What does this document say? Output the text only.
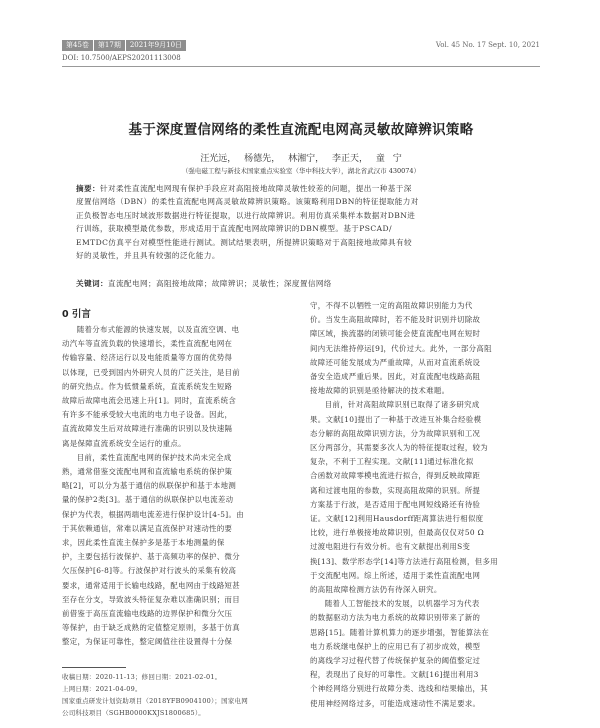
第45卷	第17期	2021年9月10日	Vol. 45 No. 17 Sept. 10, 2021
DOI: 10.7500/AEPS20201113008
基于深度置信网络的柔性直流配电网高灵敏故障辨识策略
汪光远， 杨德先， 林湘宁， 李正天， 童 宁
（强电磁工程与新技术国家重点实验室（华中科技大学），湖北省武汉市 430074）
摘要：针对柔性直流配电网现有保护手段应对高阻接地故障灵敏性较差的问题，提出一种基于深
度置信网络（DBN）的柔性直流配电网高灵敏故障辨识策略。该策略利用DBN的特征提取能力对
正负极智态电压时域波形数据进行特征提取，以进行故障辨识。利用仿真采集样本数据对DBN进
行训练，获取模型最优参数，形成适用于直流配电网故障辨识的DBN模型。基于PSCAD/
EMTDC仿真平台对模型性能进行测试。测试结果表明，所提辨识策略对于高阻接地故障具有较
好的灵敏性，并且具有较强的泛化能力。
关键词：直流配电网；高阻接地故障；故障辨识；灵敏性；深度置信网络
0 引言
随着分布式能源的快速发展，以及直流空调、电
动汽车等直流负载的快速增长，柔性直流配电网在
传输容量、经济运行以及电能质量等方面的优势得
以体现，已受到国内外研究人员的广泛关注，是目前
的研究热点。作为低惯量系统，直流系统发生短路
故障后故障电流会迅速上升[1]。同时，直流系统含
有许多不能承受较大电流的电力电子设备。因此，
直流故障发生后对故障进行准确的识别以及快速隔
离是保障直流系统安全运行的重点。
目前，柔性直流配电网的保护技术尚未完全成
熟，通常借鉴交流配电网和直流输电系统的保护策
略[2]，可以分为基于通信的纵联保护和基于本地测
量的保护2类[3]。基于通信的纵联保护以电流差动
保护为代表，根据两端电流差进行保护设计[4-5]。由
于其依赖通信，常难以满足直流保护对速动性的要
求，因此柔性直流主保护多是基于本地测量的保
护，主要包括行波保护、基于高频功率的保护、微分
欠压保护[6-8]等。行波保护对行波头的采集有较高
要求，通常适用于长输电线路，配电网由于线路短甚
至存在分支，导致波头特征复杂难以准确识别；而目
前借鉴于高压直流输电线路的边界保护和微分欠压
等保护，由于缺乏成熟的定值整定原则，多基于仿真
整定，为保证可靠性，整定阈值往往设置得十分保
守，不得不以牺牲一定的高阻故障识别能力为代
价。当发生高阻故障时，若不能及时识别并切除故
障区域，换流器的闭锁可能会使直流配电网在短时
间内无法维持停运[9]，代价过大。此外，一部分高阻
故障还可能发展成为严重故障，从而对直流系统设
备安全造成严重后果。因此，对直流配电线路高阻
接地故障的识别是亟待解决的技术难题。
目前，针对高阻故障识别已取得了诸多研究成
果。文献[10]提出了一种基于改进互补集合经验模
态分解的高阻故障识别方法，分为故障识别和工况
区分两部分，其需要多次人为的特征提取过程，较为
复杂，不利于工程实现。文献[11]通过标准化拟
合函数对故障零模电流进行拟合，得到反映故障距
离和过渡电阻的参数，实现高阻故障的识别。所提
方案基于行波，是否适用于配电网短线路还有待验
证。文献[12]利用Hausdorff距离算法进行相似度
比较，进行单极接地故障识别，但最高仅仅对50 Ω
过渡电阻进行有效分析。也有文献提出利用S变
换[13]、数学形态学[14]等方法进行高阻检测，但多用
于交流配电网。综上所述，适用于柔性直流配电网
的高阻故障检测方法仍有待深入研究。
随着人工智能技术的发展，以机器学习为代表
的数据驱动方法为电力系统的故障识别带来了新的
思路[15]。随着计算机算力的逐步增强，智能算法在
电力系统继电保护上的应用已有了初步成效，模型
的离线学习过程代替了传统保护复杂的阈值整定过
程，表现出了良好的可靠性。文献[16]提出利用3
个神经网络分别进行故障分类、选线和结果输出，其
使用神经网络过多，可能造成速动性不满足要求。
收稿日期：2020-11-13；修回日期：2021-02-01。
上网日期：2021-04-09。
国家重点研发计划资助项目（2018YFB0904100）；国家电网
公司科技项目（SGHB0000KXJS1800685）。
